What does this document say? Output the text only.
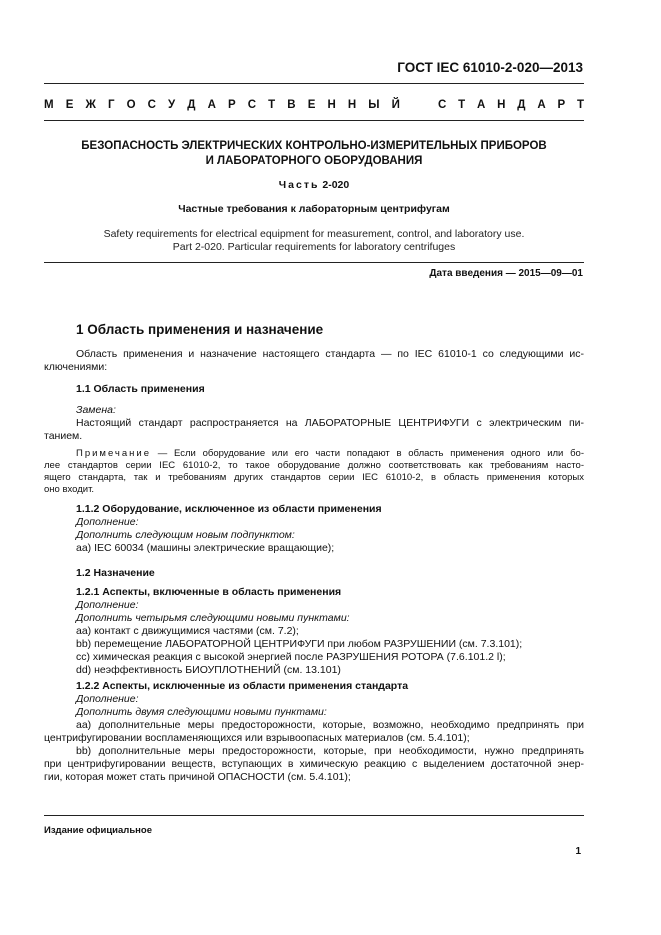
ГОСТ IEC 61010-2-020—2013
М Е Ж Г О С У Д А Р С Т В Е Н Н Ы Й	С Т А Н Д А Р Т
БЕЗОПАСНОСТЬ ЭЛЕКТРИЧЕСКИХ КОНТРОЛЬНО-ИЗМЕРИТЕЛЬНЫХ ПРИБОРОВ
И ЛАБОРАТОРНОГО ОБОРУДОВАНИЯ
Часть 2-020
Частные требования к лабораторным центрифугам
Safety requirements for electrical equipment for measurement, control, and laboratory use.
Part 2-020. Particular requirements for laboratory centrifuges
Дата введения — 2015—09—01
1 Область применения и назначение
Область применения и назначение настоящего стандарта — по IEC 61010-1 со следующими ис-
ключениями:
1.1 Область применения
Замена:
Настоящий стандарт распространяется на ЛАБОРАТОРНЫЕ ЦЕНТРИФУГИ с электрическим пи-
танием.
Примечание — Если оборудование или его части попадают в область применения одного или бо-
лее стандартов серии IEC 61010-2, то такое оборудование должно соответствовать как требованиям насто-
ящего стандарта, так и требованиям других стандартов серии IEC 61010-2, в область применения которых
оно входит.
1.1.2 Оборудование, исключенное из области применения
Дополнение:
Дополнить следующим новым подпунктом:
аа) IEC 60034 (машины электрические вращающие);
1.2 Назначение
1.2.1 Аспекты, включенные в область применения
Дополнение:
Дополнить четырьмя следующими новыми пунктами:
аа) контакт с движущимися частями (см. 7.2);
bb) перемещение ЛАБОРАТОРНОЙ ЦЕНТРИФУГИ при любом РАЗРУШЕНИИ (см. 7.3.101);
сс) химическая реакция с высокой энергией после РАЗРУШЕНИЯ РОТОРА (7.6.101.2 l);
dd) неэффективность БИОУПЛОТНЕНИЙ (см. 13.101)
1.2.2 Аспекты, исключенные из области применения стандарта
Дополнение:
Дополнить двумя следующими новыми пунктами:
аа) дополнительные меры предосторожности, которые, возможно, необходимо предпринять при
центрифугировании воспламеняющихся или взрывоопасных материалов (см. 5.4.101);
bb) дополнительные меры предосторожности, которые, при необходимости, нужно предпринять
при центрифугировании веществ, вступающих в химическую реакцию с выделением достаточной энер-
гии, которая может стать причиной ОПАСНОСТИ (см. 5.4.101);
Издание официальное
1
